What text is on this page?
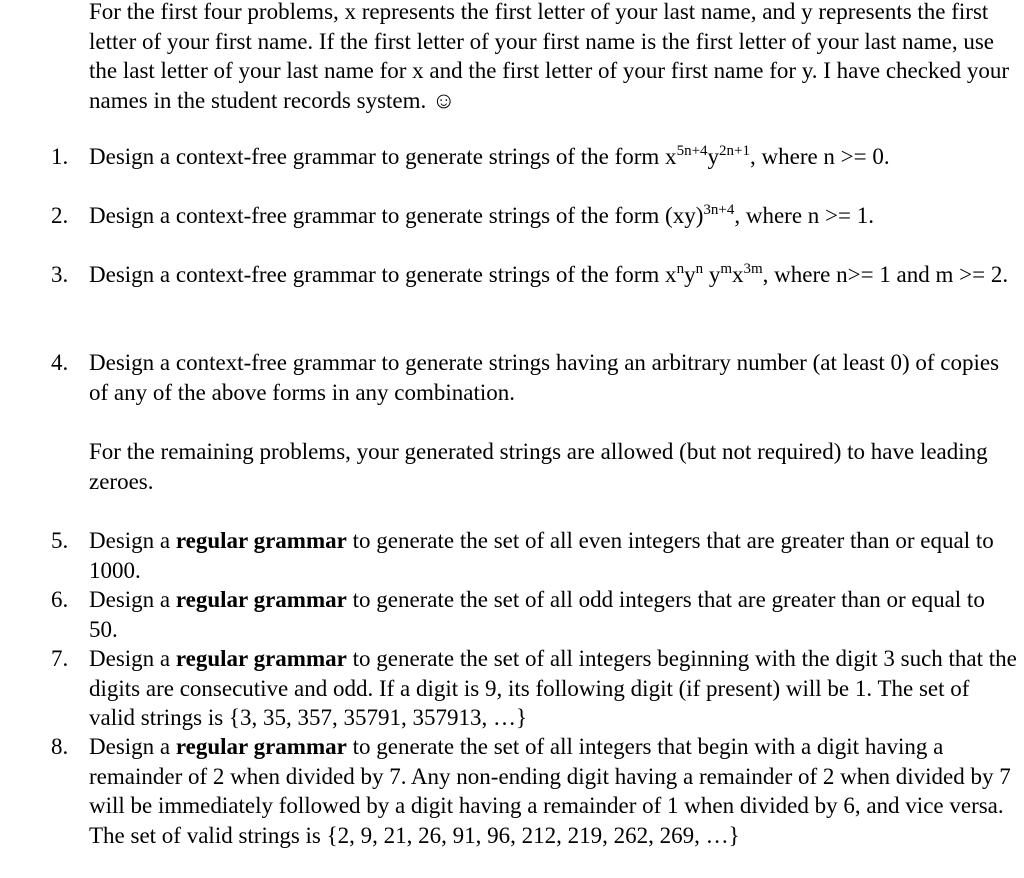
For the first four problems, x represents the first letter of your last name, and y represents the first letter of your first name. If the first letter of your first name is the first letter of your last name, use the last letter of your last name for x and the first letter of your first name for y. I have checked your names in the student records system. ☺

1. Design a context-free grammar to generate strings of the form $x^{5n+4}y^{2n+1}$, where n >= 0.

2. Design a context-free grammar to generate strings of the form (xy)$^{3n+4}$, where n >= 1.

3. Design a context-free grammar to generate strings of the form $x^ny^n$ $y^mx^{3m}$, where n>= 1 and m >= 2.

4. Design a context-free grammar to generate strings having an arbitrary number (at least 0) of copies of any of the above forms in any combination.

For the remaining problems, your generated strings are allowed (but not required) to have leading zeroes.

5. Design a regular grammar to generate the set of all even integers that are greater than or equal to 1000.

6. Design a regular grammar to generate the set of all odd integers that are greater than or equal to 50.

7. Design a regular grammar to generate the set of all integers beginning with the digit 3 such that the digits are consecutive and odd. If a digit is 9, its following digit (if present) will be 1. The set of valid strings is {3, 35, 357, 35791, 357913, …}

8. Design a regular grammar to generate the set of all integers that begin with a digit having a remainder of 2 when divided by 7. Any non-ending digit having a remainder of 2 when divided by 7 will be immediately followed by a digit having a remainder of 1 when divided by 6, and vice versa. The set of valid strings is {2, 9, 21, 26, 91, 96, 212, 219, 262, 269, …}
